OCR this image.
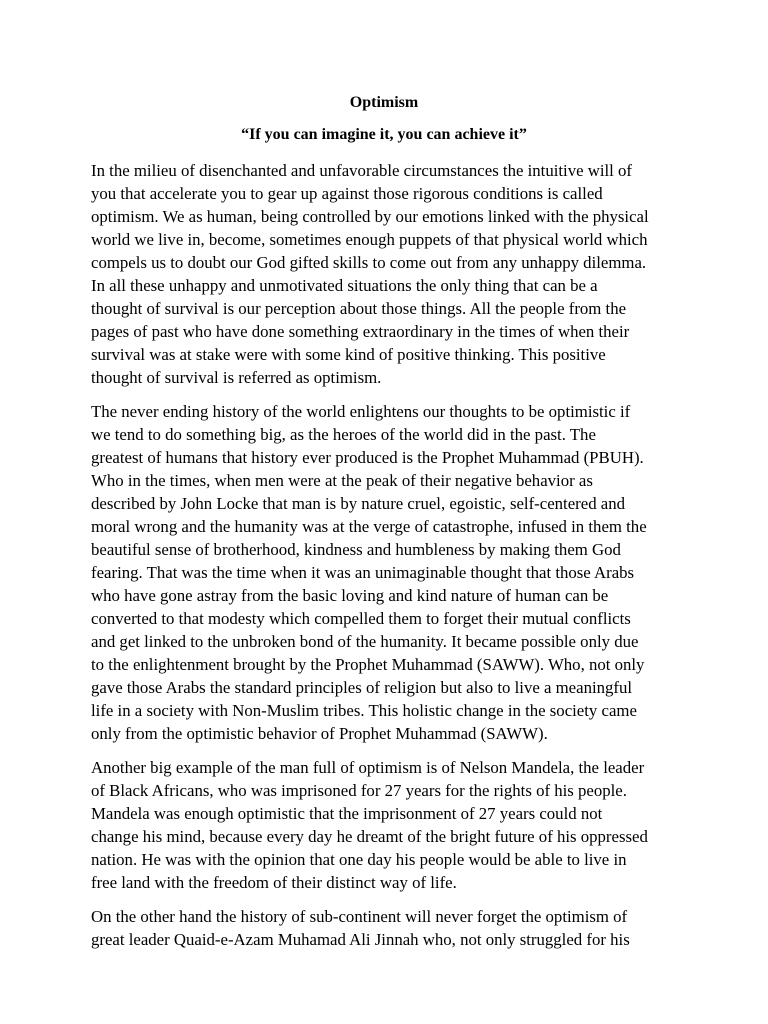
Optimism
“If you can imagine it, you can achieve it”
In the milieu of disenchanted and unfavorable circumstances the intuitive will of
you that accelerate you to gear up against those rigorous conditions is called
optimism. We as human, being controlled by our emotions linked with the physical
world we live in, become, sometimes enough puppets of that physical world which
compels us to doubt our God gifted skills to come out from any unhappy dilemma.
In all these unhappy and unmotivated situations the only thing that can be a
thought of survival is our perception about those things. All the people from the
pages of past who have done something extraordinary in the times of when their
survival was at stake were with some kind of positive thinking. This positive
thought of survival is referred as optimism.
The never ending history of the world enlightens our thoughts to be optimistic if
we tend to do something big, as the heroes of the world did in the past. The
greatest of humans that history ever produced is the Prophet Muhammad (PBUH).
Who in the times, when men were at the peak of their negative behavior as
described by John Locke that man is by nature cruel, egoistic, self-centered and
moral wrong and the humanity was at the verge of catastrophe, infused in them the
beautiful sense of brotherhood, kindness and humbleness by making them God
fearing. That was the time when it was an unimaginable thought that those Arabs
who have gone astray from the basic loving and kind nature of human can be
converted to that modesty which compelled them to forget their mutual conflicts
and get linked to the unbroken bond of the humanity. It became possible only due
to the enlightenment brought by the Prophet Muhammad (SAWW). Who, not only
gave those Arabs the standard principles of religion but also to live a meaningful
life in a society with Non-Muslim tribes. This holistic change in the society came
only from the optimistic behavior of Prophet Muhammad (SAWW).
Another big example of the man full of optimism is of Nelson Mandela, the leader
of Black Africans, who was imprisoned for 27 years for the rights of his people.
Mandela was enough optimistic that the imprisonment of 27 years could not
change his mind, because every day he dreamt of the bright future of his oppressed
nation. He was with the opinion that one day his people would be able to live in
free land with the freedom of their distinct way of life.
On the other hand the history of sub-continent will never forget the optimism of
great leader Quaid-e-Azam Muhamad Ali Jinnah who, not only struggled for his
